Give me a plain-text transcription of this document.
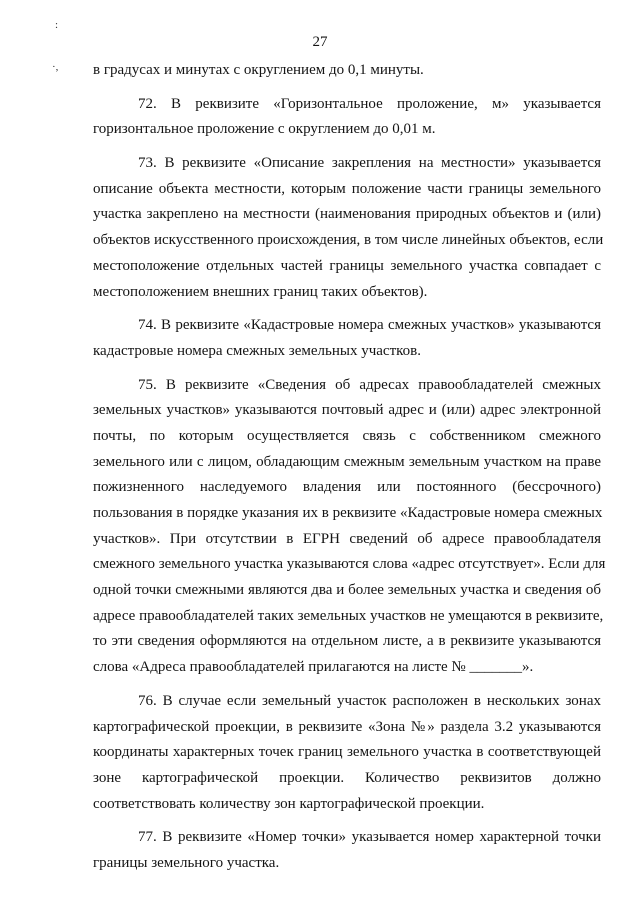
27
:
·, в градусах и минутах с округлением до 0,1 минуты.
72. В реквизите «Горизонтальное проложение, м» указывается
горизонтальное проложение с округлением до 0,01 м.
73. В реквизите «Описание закрепления на местности» указывается
описание объекта местности, которым положение части границы земельного
участка закреплено на местности (наименования природных объектов и (или)
объектов искусственного происхождения, в том числе линейных объектов, если
местоположение отдельных частей границы земельного участка совпадает с
местоположением внешних границ таких объектов).
74. В реквизите «Кадастровые номера смежных участков» указываются
кадастровые номера смежных земельных участков.
75. В реквизите «Сведения об адресах правообладателей смежных
земельных участков» указываются почтовый адрес и (или) адрес электронной
почты, по которым осуществляется связь с собственником смежного
земельного или с лицом, обладающим смежным земельным участком на праве
пожизненного наследуемого владения или постоянного (бессрочного)
пользования в порядке указания их в реквизите «Кадастровые номера смежных
участков». При отсутствии в ЕГРН сведений об адресе правообладателя
смежного земельного участка указываются слова «адрес отсутствует». Если для
одной точки смежными являются два и более земельных участка и сведения об
адресе правообладателей таких земельных участков не умещаются в реквизите,
то эти сведения оформляются на отдельном листе, а в реквизите указываются
слова «Адреса правообладателей прилагаются на листе № _______».
76. В случае если земельный участок расположен в нескольких зонах
картографической проекции, в реквизите «Зона №» раздела 3.2 указываются
координаты характерных точек границ земельного участка в соответствующей
зоне картографической проекции. Количество реквизитов должно
соответствовать количеству зон картографической проекции.
77. В реквизите «Номер точки» указывается номер характерной точки
границы земельного участка.
